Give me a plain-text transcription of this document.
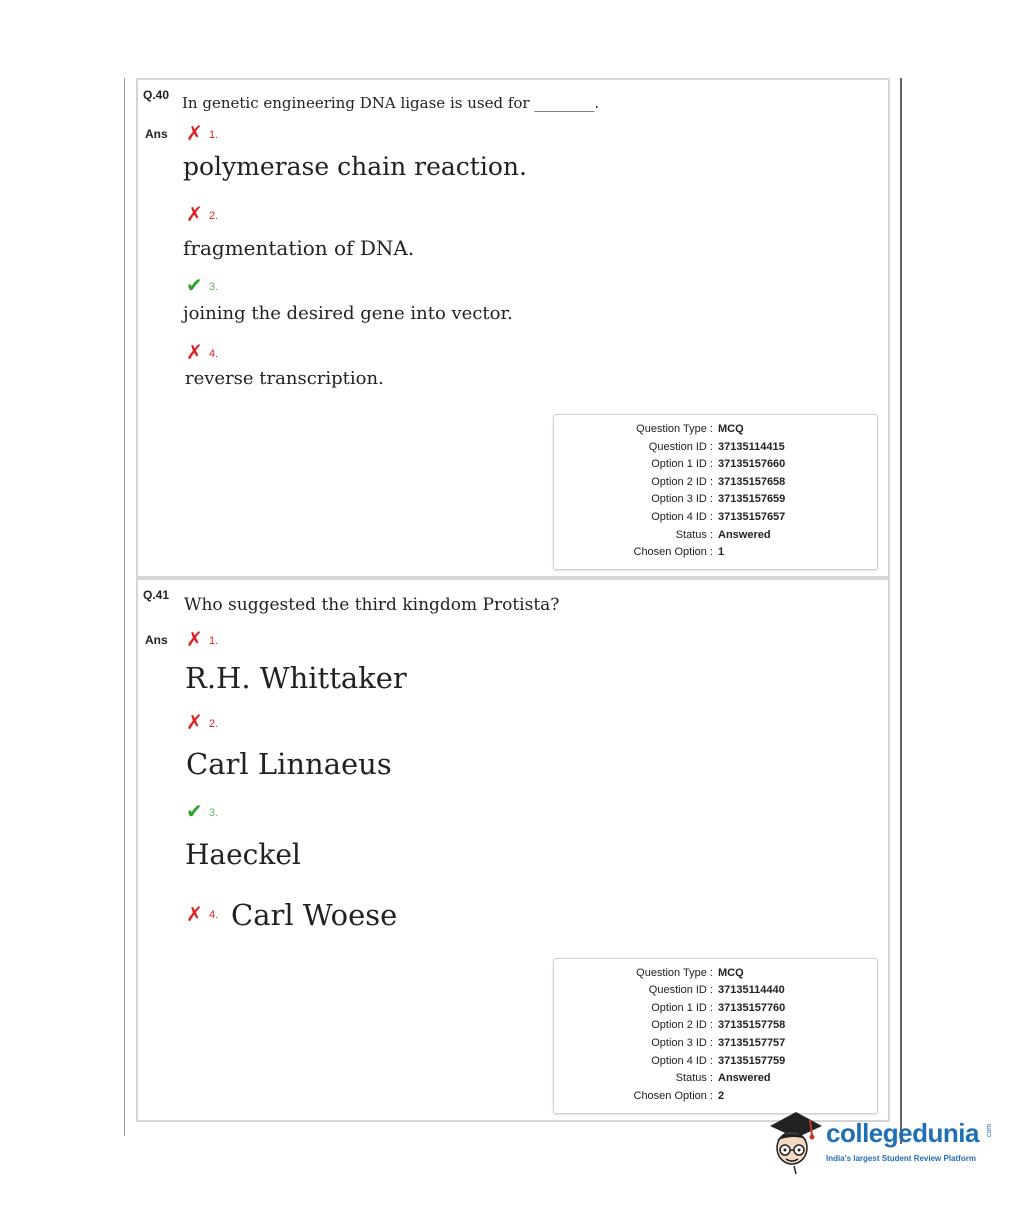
Q.40 In genetic engineering DNA ligase is used for ________.
Ans ✗ 1.
polymerase chain reaction.
✗ 2.
fragmentation of DNA.
✔ 3.
joining the desired gene into vector.
✗ 4.
reverse transcription.
Question Type : MCQ
Question ID : 37135114415
Option 1 ID : 37135157660
Option 2 ID : 37135157658
Option 3 ID : 37135157659
Option 4 ID : 37135157657
Status : Answered
Chosen Option : 1
Q.41 Who suggested the third kingdom Protista?
Ans ✗ 1.
R.H. Whittaker
✗ 2.
Carl Linnaeus
✔ 3.
Haeckel
✗ 4. Carl Woese
Question Type : MCQ
Question ID : 37135114440
Option 1 ID : 37135157760
Option 2 ID : 37135157758
Option 3 ID : 37135157757
Option 4 ID : 37135157759
Status : Answered
Chosen Option : 2
collegedunia .com
India's largest Student Review Platform
